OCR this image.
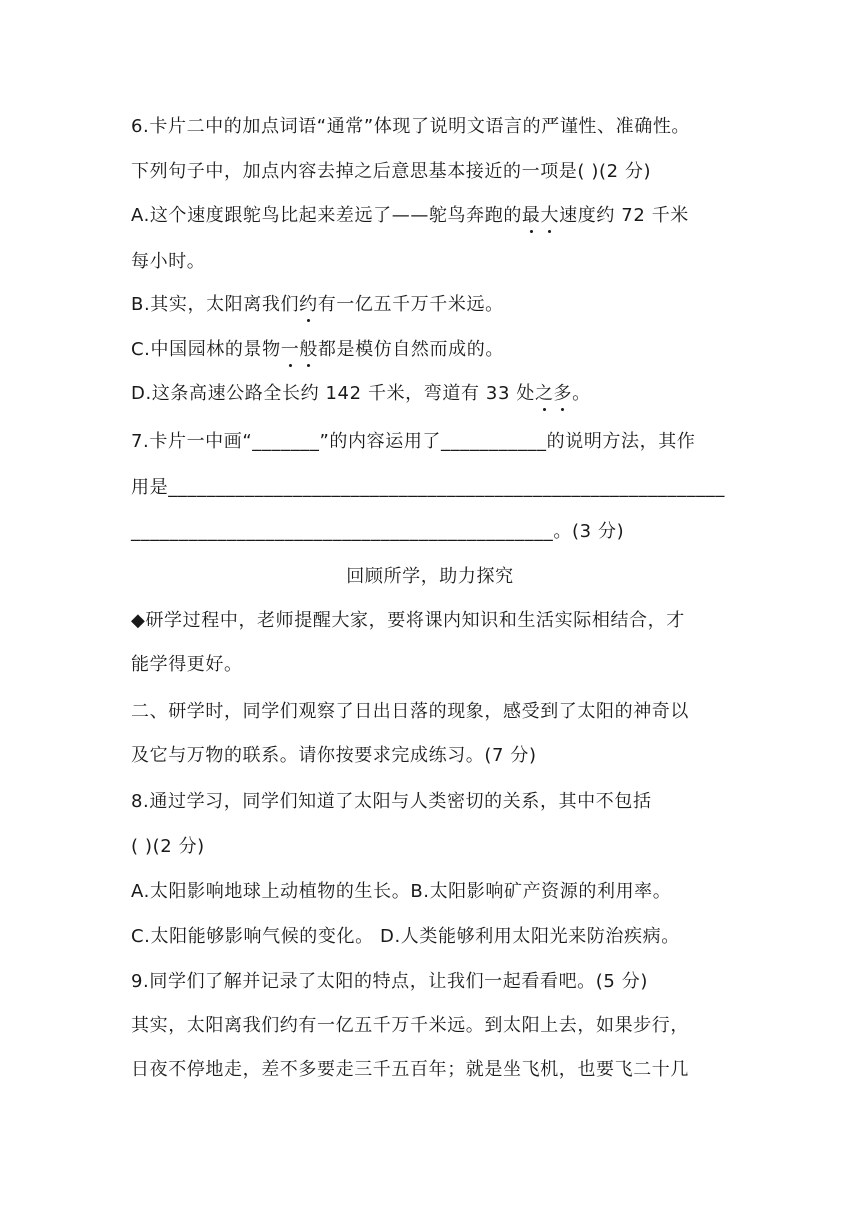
6.卡片二中的加点词语“通常”体现了说明文语言的严谨性、准确性。
下列句子中，加点内容去掉之后意思基本接近的一项是( )(2 分)
A.这个速度跟鸵鸟比起来差远了——鸵鸟奔跑的最大速度约 72 千米
每小时。
B.其实，太阳离我们约有一亿五千万千米远。
C.中国园林的景物一般都是模仿自然而成的。
D.这条高速公路全长约 142 千米，弯道有 33 处之多。
7.卡片一中画“_______”的内容运用了___________的说明方法，其作
用是__________________________________________________________
____________________________________________。(3 分)
回顾所学，助力探究
◆研学过程中，老师提醒大家，要将课内知识和生活实际相结合，才
能学得更好。
二、研学时，同学们观察了日出日落的现象，感受到了太阳的神奇以
及它与万物的联系。请你按要求完成练习。(7 分)
8.通过学习，同学们知道了太阳与人类密切的关系，其中不包括
( )(2 分)
A.太阳影响地球上动植物的生长。B.太阳影响矿产资源的利用率。
C.太阳能够影响气候的变化。 D.人类能够利用太阳光来防治疾病。
9.同学们了解并记录了太阳的特点，让我们一起看看吧。(5 分)
其实，太阳离我们约有一亿五千万千米远。到太阳上去，如果步行，
日夜不停地走，差不多要走三千五百年；就是坐飞机，也要飞二十几
